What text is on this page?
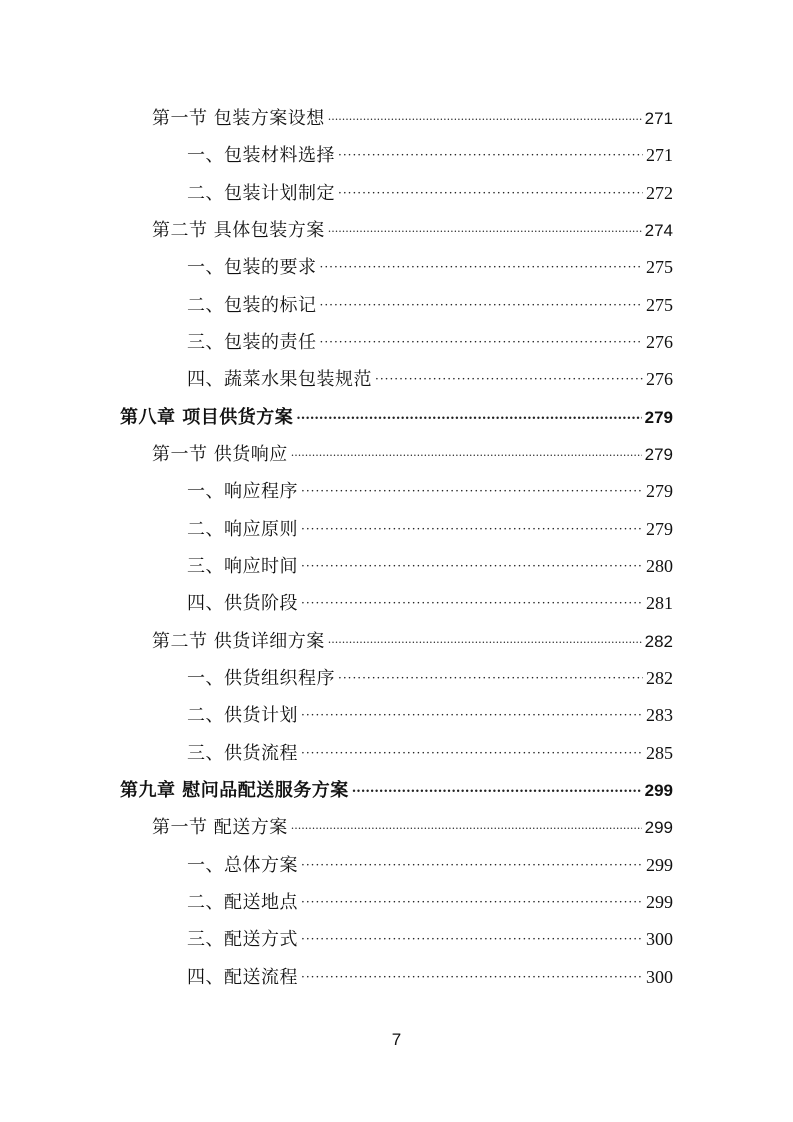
第一节 包装方案设想 .....	271
一、包装材料选择 ·····	271
二、包装计划制定 ·····	272
第二节 具体包装方案 .....	274
一、包装的要求 ·····	275
二、包装的标记 ·····	275
三、包装的责任 ·····	276
四、蔬菜水果包装规范 ·····	276
第八章 项目供货方案 .....	279
第一节 供货响应 .....	279
一、响应程序 ·····	279
二、响应原则 ·····	279
三、响应时间 ·····	280
四、供货阶段 ·····	281
第二节 供货详细方案 .....	282
一、供货组织程序 ·····	282
二、供货计划 ·····	283
三、供货流程 ·····	285
第九章 慰问品配送服务方案 .....	299
第一节 配送方案 .....	299
一、总体方案 ·····	299
二、配送地点 ·····	299
三、配送方式 ·····	300
四、配送流程 ·····	300
7
